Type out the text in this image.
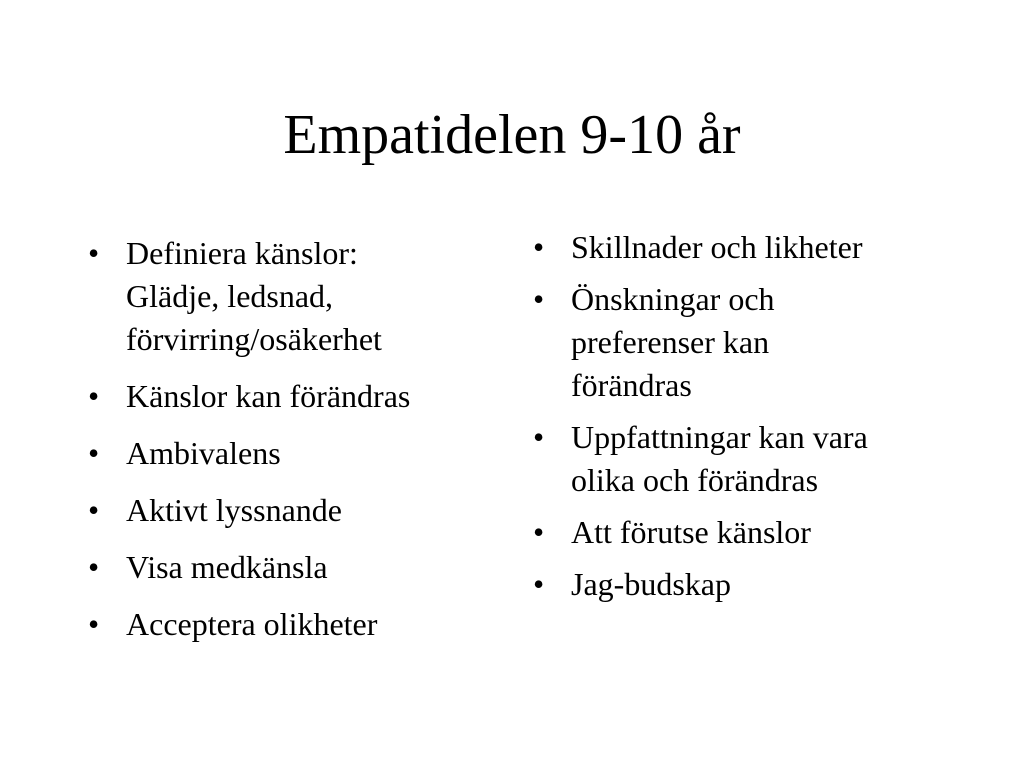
Empatidelen 9-10 år
• Definiera känslor: Glädje, ledsnad, förvirring/osäkerhet
• Känslor kan förändras
• Ambivalens
• Aktivt lyssnande
• Visa medkänsla
• Acceptera olikheter
• Skillnader och likheter
• Önskningar och preferenser kan förändras
• Uppfattningar kan vara olika och förändras
• Att förutse känslor
• Jag-budskap
